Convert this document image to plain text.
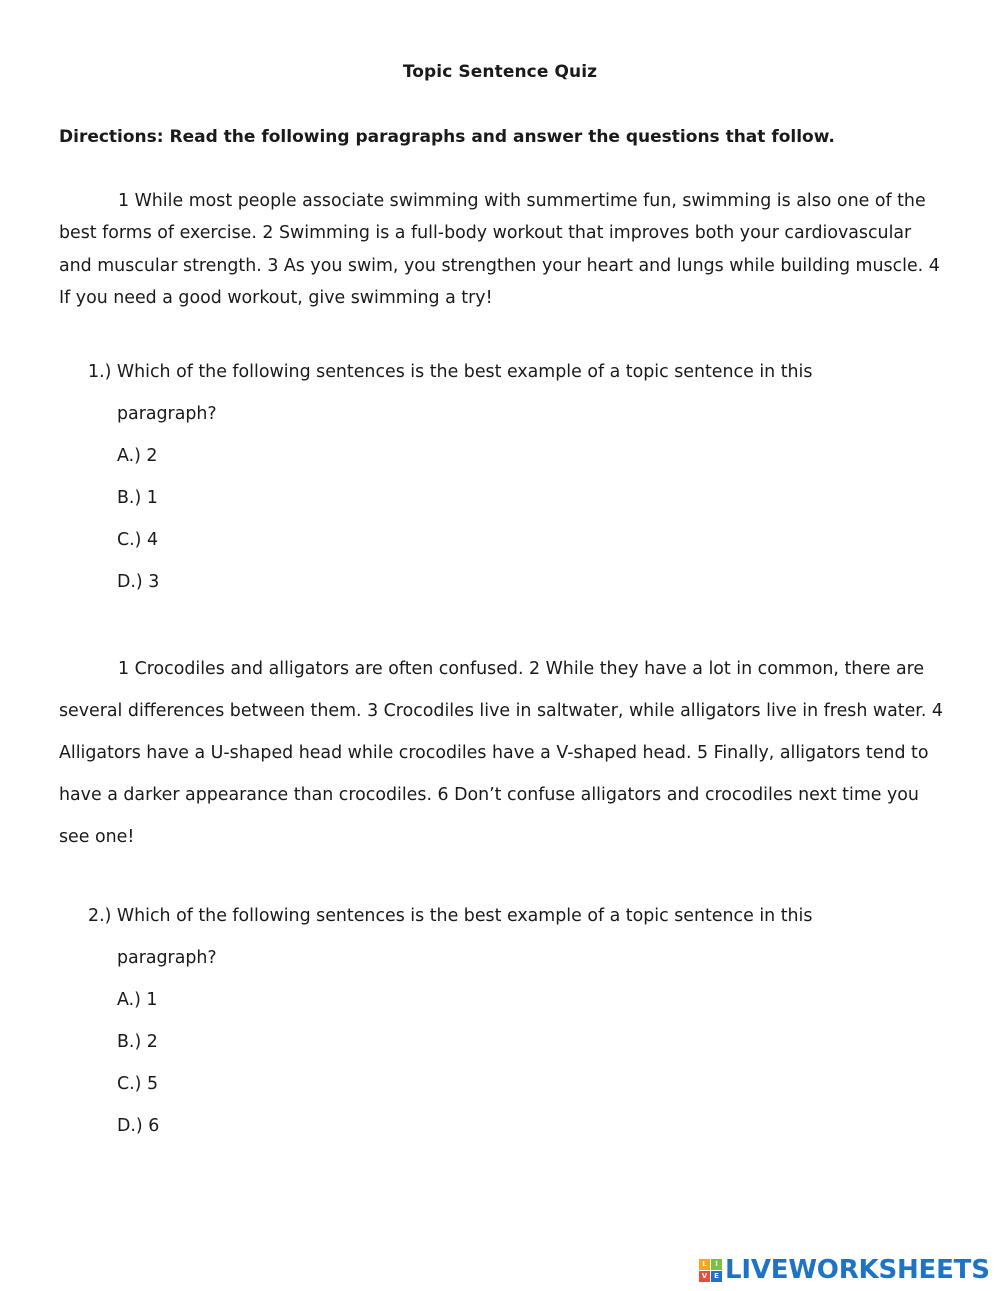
Topic Sentence Quiz
Directions: Read the following paragraphs and answer the questions that follow.
1 While most people associate swimming with summertime fun, swimming is also one of the best forms of exercise. 2 Swimming is a full-body workout that improves both your cardiovascular and muscular strength. 3 As you swim, you strengthen your heart and lungs while building muscle. 4 If you need a good workout, give swimming a try!
1.) Which of the following sentences is the best example of a topic sentence in this
paragraph?
A.) 2
B.) 1
C.) 4
D.) 3
1 Crocodiles and alligators are often confused. 2 While they have a lot in common, there are several differences between them. 3 Crocodiles live in saltwater, while alligators live in fresh water. 4 Alligators have a U-shaped head while crocodiles have a V-shaped head. 5 Finally, alligators tend to have a darker appearance than crocodiles. 6 Don’t confuse alligators and crocodiles next time you see one!
2.) Which of the following sentences is the best example of a topic sentence in this
paragraph?
A.) 1
B.) 2
C.) 5
D.) 6
L	I
V E LIVEWORKSHEETS
